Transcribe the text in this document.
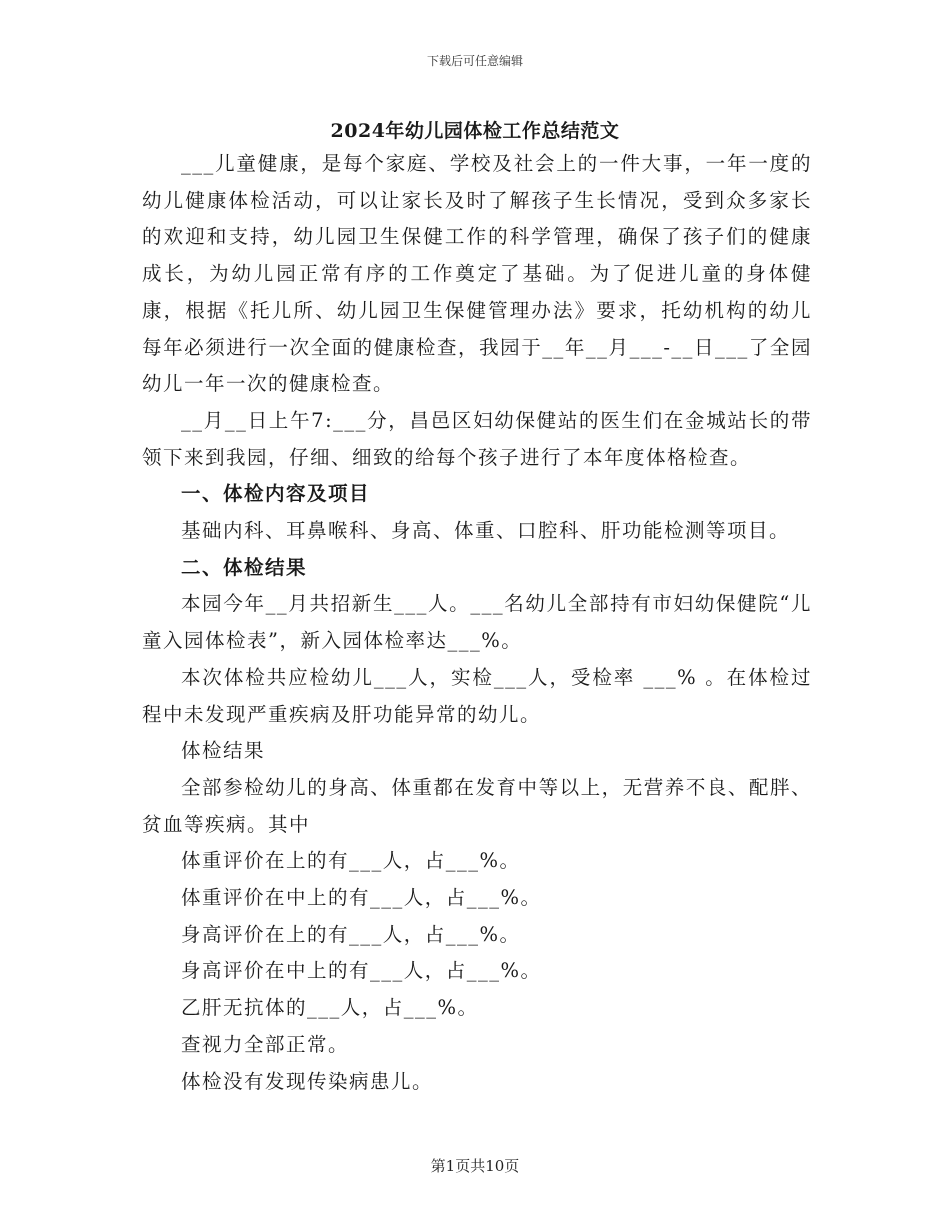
下载后可任意编辑
2024年幼儿园体检工作总结范文

___儿童健康，是每个家庭、学校及社会上的一件大事，一年一度的幼儿健康体检活动，可以让家长及时了解孩子生长情况，受到众多家长的欢迎和支持，幼儿园卫生保健工作的科学管理，确保了孩子们的健康成长，为幼儿园正常有序的工作奠定了基础。为了促进儿童的身体健康，根据《托儿所、幼儿园卫生保健管理办法》要求，托幼机构的幼儿每年必须进行一次全面的健康检查，我园于__年__月___-__日___了全园幼儿一年一次的健康检查。

__月__日上午7:___分，昌邑区妇幼保健站的医生们在金城站长的带领下来到我园，仔细、细致的给每个孩子进行了本年度体格检查。

一、体检内容及项目

基础内科、耳鼻喉科、身高、体重、口腔科、肝功能检测等项目。

二、体检结果

本园今年__月共招新生___人。___名幼儿全部持有市妇幼保健院“儿童入园体检表”，新入园体检率达___%。

本次体检共应检幼儿___人，实检___人，受检率 ___% 。在体检过程中未发现严重疾病及肝功能异常的幼儿。

体检结果

全部参检幼儿的身高、体重都在发育中等以上，无营养不良、配胖、贫血等疾病。其中

体重评价在上的有___人，占___%。

体重评价在中上的有___人，占___%。

身高评价在上的有___人，占___%。

身高评价在中上的有___人，占___%。

乙肝无抗体的___人，占___%。

查视力全部正常。

体检没有发现传染病患儿。

第1页共10页
